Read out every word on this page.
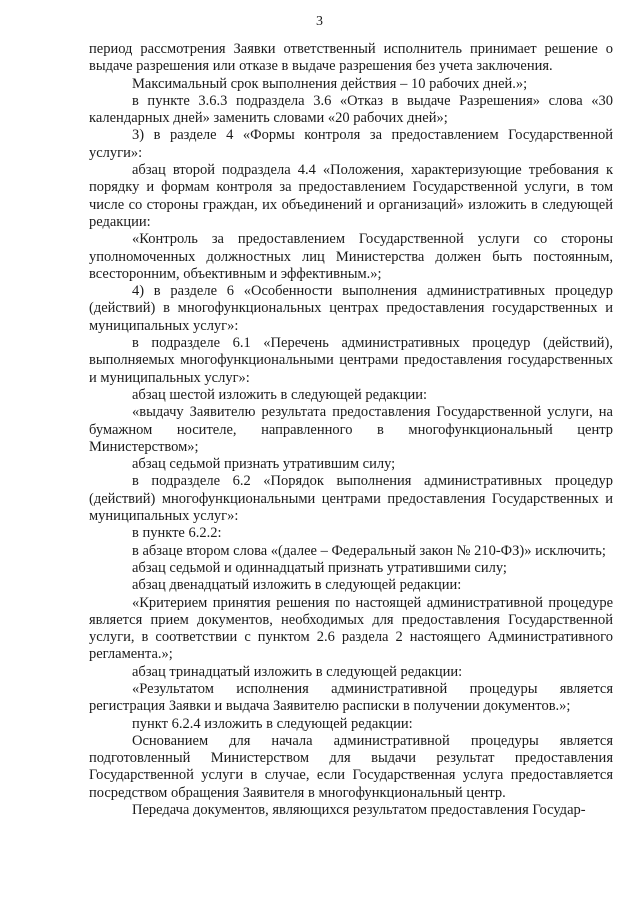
3

период рассмотрения Заявки ответственный исполнитель принимает решение о выдаче разрешения или отказе в выдаче разрешения без учета заключения.

Максимальный срок выполнения действия – 10 рабочих дней.»;

в пункте 3.6.3 подраздела 3.6 «Отказ в выдаче Разрешения» слова «30 календарных дней» заменить словами «20 рабочих дней»;

3) в разделе 4 «Формы контроля за предоставлением Государственной услуги»:

абзац второй подраздела 4.4 «Положения, характеризующие требования к порядку и формам контроля за предоставлением Государственной услуги, в том числе со стороны граждан, их объединений и организаций» изложить в следующей редакции:

«Контроль за предоставлением Государственной услуги со стороны уполномоченных должностных лиц Министерства должен быть постоянным, всесторонним, объективным и эффективным.»;

4) в разделе 6 «Особенности выполнения административных процедур (действий) в многофункциональных центрах предоставления государственных и муниципальных услуг»:

в подразделе 6.1 «Перечень административных процедур (действий), выполняемых многофункциональными центрами предоставления государственных и муниципальных услуг»:

абзац шестой изложить в следующей редакции:

«выдачу Заявителю результата предоставления Государственной услуги, на бумажном носителе, направленного в многофункциональный центр Министерством»;

абзац седьмой признать утратившим силу;

в подразделе 6.2 «Порядок выполнения административных процедур (действий) многофункциональными центрами предоставления Государственных и муниципальных услуг»:

в пункте 6.2.2:

в абзаце втором слова «(далее – Федеральный закон № 210-ФЗ)» исключить;

абзац седьмой и одиннадцатый признать утратившими силу;

абзац двенадцатый изложить в следующей редакции:

«Критерием принятия решения по настоящей административной процедуре является прием документов, необходимых для предоставления Государственной услуги, в соответствии с пунктом 2.6 раздела 2 настоящего Административного регламента.»;

абзац тринадцатый изложить в следующей редакции:

«Результатом исполнения административной процедуры является регистрация Заявки и выдача Заявителю расписки в получении документов.»;

пункт 6.2.4 изложить в следующей редакции:

Основанием для начала административной процедуры является подготовленный Министерством для выдачи результат предоставления Государственной услуги в случае, если Государственная услуга предоставляется посредством обращения Заявителя в многофункциональный центр.

Передача документов, являющихся результатом предоставления Государ-
